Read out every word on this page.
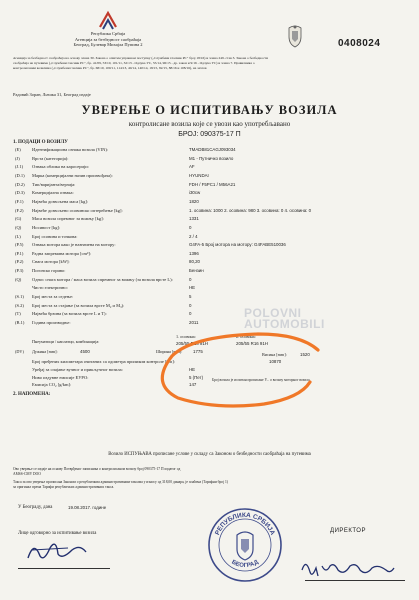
Република Србија
Агенција за безбедност саобраћаја
Београд, Булевар Михајла Пупина 2	0408024
Агенција за безбедност саобраћаја на основу члана 30. Закона о општем управном поступку („Службени гласник РС" број 18/16) и члана 249. став 3. Закона о безбедности
саобраћаја на путевима („Службени гласник РС", бр. 41/09, 53/10, 101/11, 32/13 - Одлука УС, 55/14, 96/15 - др. закон и 9/16 - Одлука УС) и члана 7. Правилника о
контролисаним возилима („Службени гласник РС", бр. 68/10, 100/11, 114/13, 40/14, 140/14, 18/15, 82/15, 88/16 и 108/16), на захтев
Радовић Зоран, Љешка 31, Београд издаје
УВЕРЕЊЕ О ИСПИТИВАЊУ ВОЗИЛА
контролисане возила које се увози као употребљавано
БРОЈ: 090375-17 П
1. ПОДАЦИ О ВОЗИЛУ
(Е)	Идентификациона ознака возила (VIN):	TMADB81CAGJ093034
(J)	Врста (категорија):	M1 - Путничко возило
(J.1) Ознака облика на каросерији:	AF
(D.1) Марка (комерцијални назив произвођача):	HYUNDAI
(D.2) Тип/варијанта/верзија:	FDH / F5PC1 / M56A21
(D.3) Комерцијална ознака:	i30cw
(F.1) Највећа дозвољена маса [kg]:	1820
(F.2) Највеће дозвољено осовинско оптерећење [kg]:	1. осовина: 1000 2. осовина: 980 3. осовина: 0 4. осовина: 0
(G) Маса возила спремног за вожњу [kg]:	1331
(Q) Носивост [kg]:	0
(L)	Број осовина и точкова:	2 / 4
(P.5) Ознака мотора како је назначена на мотору:	G4FA-5 Број мотора на мотору: G4FABE510036
(P.1) Радна запремина мотора [cm³]:	1396
(P.2) Снага мотора [kW]:	80,20
(P.3) Погонско гориво:	Бензин
(Q) Однос снага мотора / маса возила спремног за вожњу (за возила врсте L):	0
Чисто електрично:	НЕ
(S.1) Број места за седење:	5
(S.2) Број места за стајање (за возила врсте M₂ и M₃):	0
(T)	Највећа брзина (за возила врсте L и T):	0
(B.1) Година производње:	2011
Пнеуматици / наплатци, комбинација:
1. осовина:
205/55 R16 91H
2. осовина:
205/55 R16 91H
(DV) Дужина [mm]:	4500	Ширина [mm]: 1775
Висина [mm]:	1520
Број пређених километара очитаних са одометра приликом контроле [km]:	10870
Уређај за спајање вучног и прикључног возила:	НЕ
Ниво издувне емисије ЕУРО:	5 (Пет)
Емисија CO₂ [g/km]:	147
Број возила је испитан прописане У... о возилу моторног возила
2. НАПОМЕНА:
POLOVNI
AUTOMOBILI
Возило ИСПУЊАВА прописане услове у складу са Законом о безбедности саобраћаја на путевима
Ово уверење се издаје на основу Потврђеног записника о контролисаном возилу број 090375-17 П издатог од
AMSS-CMV DOO
Такса за ово уверење прописана Законом о републичким административним таксама у износу од 318,00 динара, је плаћена (Тарифни број 1)
за оригинал према Тарифи републичких административних такса.
У Београду, дана	19.08.2017. године
Лице одговорно за испитивање возила	РЕПУБЛИКА СРБИЈА
БЕОГРАД
ДИРЕКТОР
